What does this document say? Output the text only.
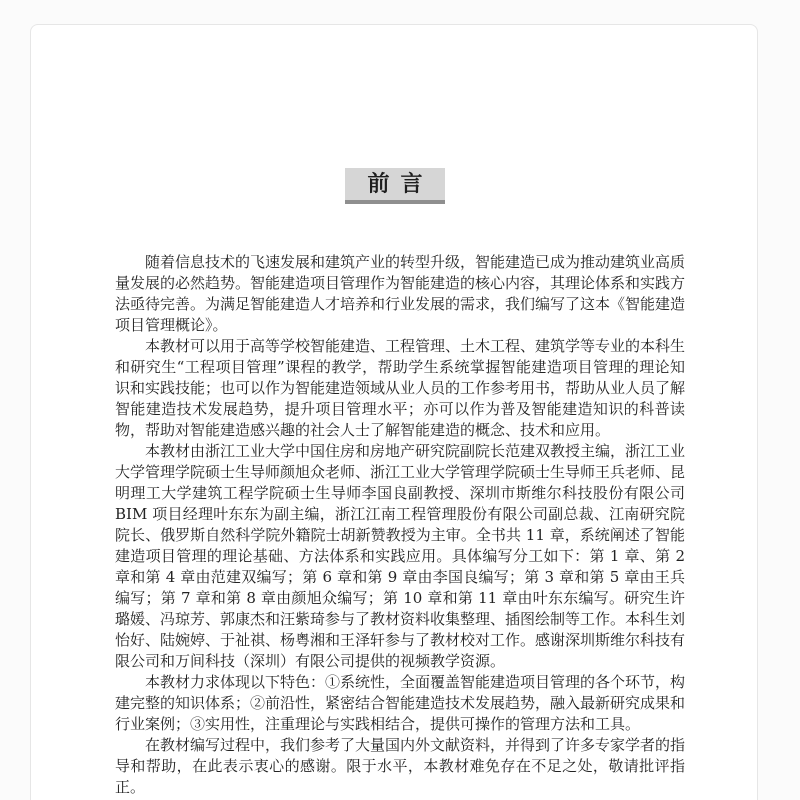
前言

随着信息技术的飞速发展和建筑产业的转型升级，智能建造已成为推动建筑业高质量发展的必然趋势。智能建造项目管理作为智能建造的核心内容，其理论体系和实践方法亟待完善。为满足智能建造人才培养和行业发展的需求，我们编写了这本《智能建造项目管理概论》。

本教材可以用于高等学校智能建造、工程管理、土木工程、建筑学等专业的本科生和研究生“工程项目管理”课程的教学，帮助学生系统掌握智能建造项目管理的理论知识和实践技能；也可以作为智能建造领域从业人员的工作参考用书，帮助从业人员了解智能建造技术发展趋势，提升项目管理水平；亦可以作为普及智能建造知识的科普读物，帮助对智能建造感兴趣的社会人士了解智能建造的概念、技术和应用。

本教材由浙江工业大学中国住房和房地产研究院副院长范建双教授主编，浙江工业大学管理学院硕士生导师颜旭众老师、浙江工业大学管理学院硕士生导师王兵老师、昆明理工大学建筑工程学院硕士生导师李国良副教授、深圳市斯维尔科技股份有限公司 BIM 项目经理叶东东为副主编，浙江江南工程管理股份有限公司副总裁、江南研究院院长、俄罗斯自然科学院外籍院士胡新赞教授为主审。全书共 11 章，系统阐述了智能建造项目管理的理论基础、方法体系和实践应用。具体编写分工如下：第 1 章、第 2 章和第 4 章由范建双编写；第 6 章和第 9 章由李国良编写；第 3 章和第 5 章由王兵编写；第 7 章和第 8 章由颜旭众编写；第 10 章和第 11 章由叶东东编写。研究生许璐媛、冯琼芳、郭康杰和汪紫琦参与了教材资料收集整理、插图绘制等工作。本科生刘怡好、陆婉婷、于祉祺、杨粤湘和王泽轩参与了教材校对工作。感谢深圳斯维尔科技有限公司和万间科技（深圳）有限公司提供的视频教学资源。

本教材力求体现以下特色：①系统性，全面覆盖智能建造项目管理的各个环节，构建完整的知识体系；②前沿性，紧密结合智能建造技术发展趋势，融入最新研究成果和行业案例；③实用性，注重理论与实践相结合，提供可操作的管理方法和工具。

在教材编写过程中，我们参考了大量国内外文献资料，并得到了许多专家学者的指导和帮助，在此表示衷心的感谢。限于水平，本教材难免存在不足之处，敬请批评指正。
